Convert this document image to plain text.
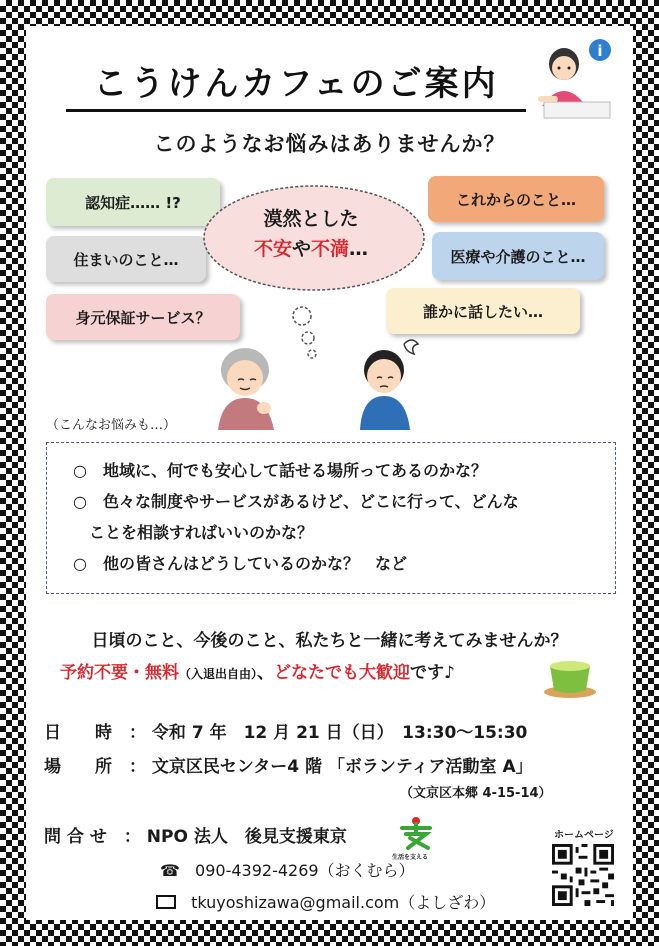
こうけんカフェのご案内
i
このようなお悩みはありませんか？
認知症…… !?
住まいのこと…
身元保証サービス？
これからのこと…
医療や介護のこと…
誰かに話したい…
漠然とした
不安や不満…
（こんなお悩みも…）
○　地域に、何でも安心して話せる場所ってあるのかな？
○　色々な制度やサービスがあるけど、どこに行って、どんな
　ことを相談すればいいのかな？
○　他の皆さんはどうしているのかな？　など
日頃のこと、今後のこと、私たちと一緒に考えてみませんか？
予約不要・無料（入退出自由）、どなたでも大歓迎です♪
日　　時　： 令和 7 年　12 月 21 日（日）　13:30～15:30
場　　所　： 文京区民センター4 階 「ボランティア活動室 A」
（文京区本郷 4-15-14）
問 合 せ　： NPO 法人　後見支援東京
生活を支える
☎ 090-4392-4269（おくむら）
tkuyoshizawa@gmail.com（よしざわ）
ホームページ
